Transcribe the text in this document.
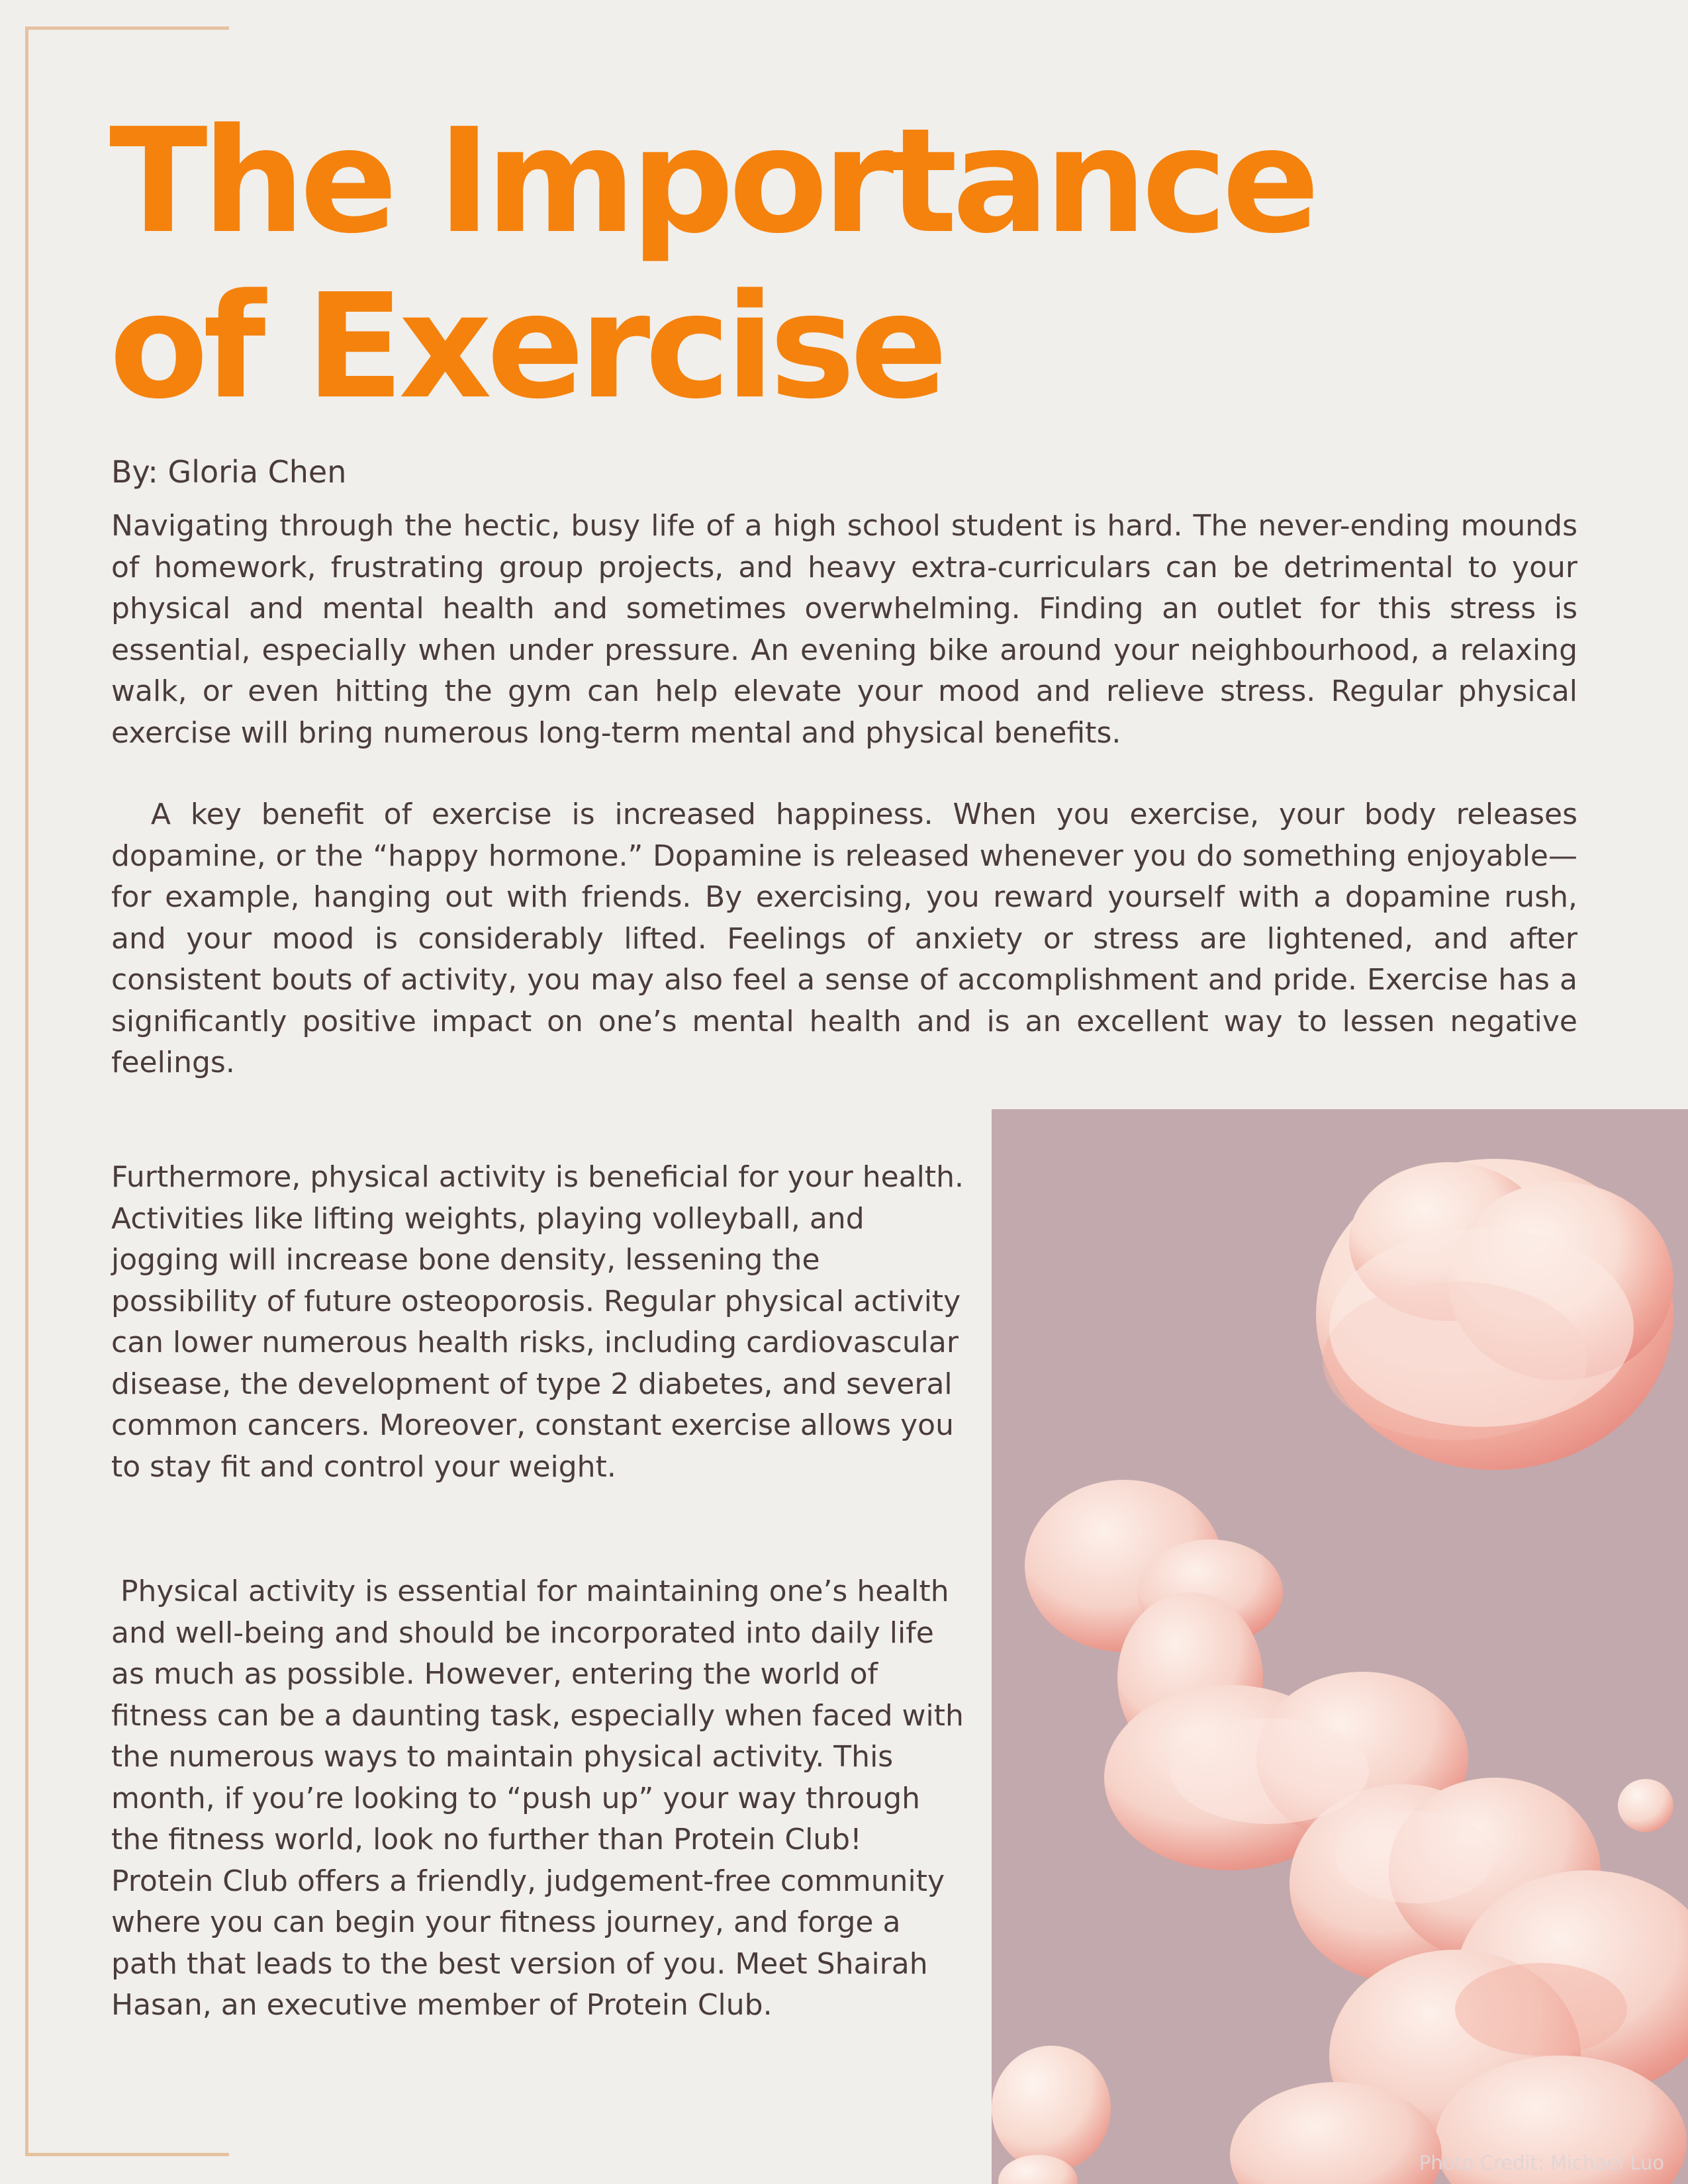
The Importance
of Exercise

By: Gloria Chen

Navigating through the hectic, busy life of a high school student is hard. The never-ending mounds of homework, frustrating group projects, and heavy extra-curriculars can be detrimental to your physical and mental health and sometimes overwhelming. Finding an outlet for this stress is essential, especially when under pressure. An evening bike around your neighbourhood, a relaxing walk, or even hitting the gym can help elevate your mood and relieve stress. Regular physical exercise will bring numerous long-term mental and physical benefits.

A key benefit of exercise is increased happiness. When you exercise, your body releases dopamine, or the “happy hormone.” Dopamine is released whenever you do something enjoyable— for example, hanging out with friends. By exercising, you reward yourself with a dopamine rush, and your mood is considerably lifted. Feelings of anxiety or stress are lightened, and after consistent bouts of activity, you may also feel a sense of accomplishment and pride. Exercise has a significantly positive impact on one’s mental health and is an excellent way to lessen negative feelings.

Furthermore, physical activity is beneficial for your health. Activities like lifting weights, playing volleyball, and jogging will increase bone density, lessening the possibility of future osteoporosis. Regular physical activity can lower numerous health risks, including cardiovascular disease, the development of type 2 diabetes, and several common cancers. Moreover, constant exercise allows you to stay fit and control your weight.

Physical activity is essential for maintaining one’s health and well-being and should be incorporated into daily life as much as possible. However, entering the world of fitness can be a daunting task, especially when faced with the numerous ways to maintain physical activity. This month, if you’re looking to “push up” your way through the fitness world, look no further than Protein Club! Protein Club offers a friendly, judgement-free community where you can begin your fitness journey, and forge a path that leads to the best version of you. Meet Shairah Hasan, an executive member of Protein Club.

Photo Credit: Michael Luo
